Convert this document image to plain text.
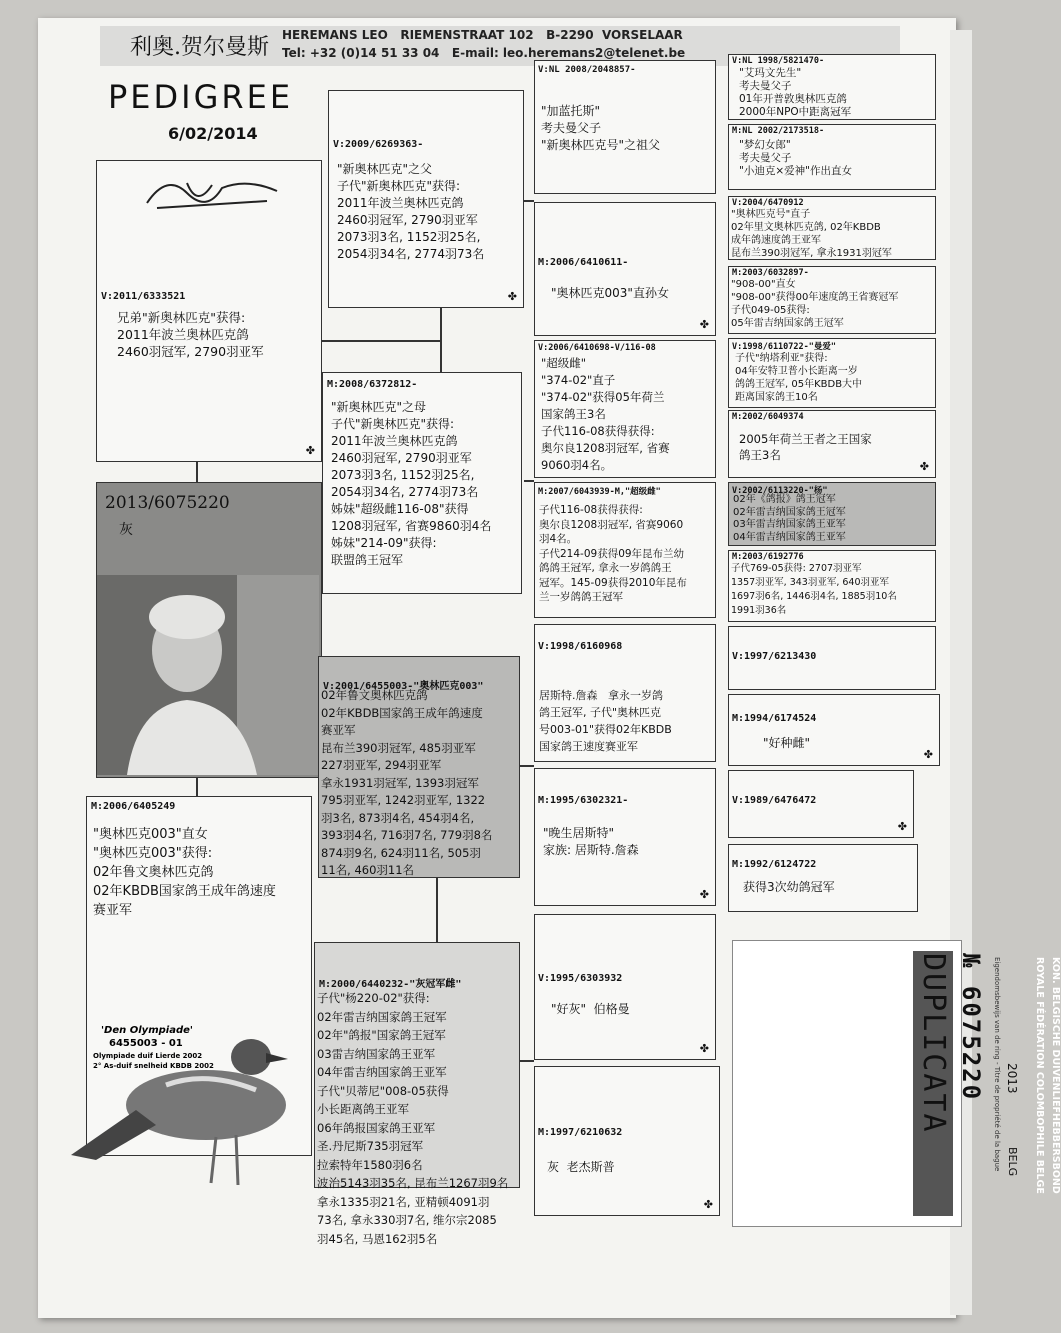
利奥.贺尔曼斯 HEREMANS LEO   RIEMENSTRAAT 102   B-2290  VORSELAAR
Tel: +32 (0)14 51 33 04   E-mail: leo.heremans2@telenet.be
PEDIGREE
6/02/2014
V:2011/6333521
兄弟"新奥林匹克"获得:
2011年波兰奥林匹克鸽
2460羽冠军, 2790羽亚军
✤
2013/6075220
灰
M:2006/6405249
"奥林匹克003"直女
"奥林匹克003"获得:
02年鲁文奥林匹克鸽
02年KBDB国家鸽王成年鸽速度
赛亚军
'Den Olympiade'
6455003 - 01
Olympiade duif Lierde 2002
2° As-duif snelheid KBDB 2002
V:2009/6269363-
"新奥林匹克"之父
子代"新奥林匹克"获得:
2011年波兰奥林匹克鸽
2460羽冠军, 2790羽亚军
2073羽3名, 1152羽25名,
2054羽34名, 2774羽73名
✤
M:2008/6372812-
"新奥林匹克"之母
子代"新奥林匹克"获得:
2011年波兰奥林匹克鸽
2460羽冠军, 2790羽亚军
2073羽3名, 1152羽25名,
2054羽34名, 2774羽73名
姊妹"超级雌116-08"获得
1208羽冠军, 省赛9860羽4名
姊妹"214-09"获得:
联盟鸽王冠军
V:2001/6455003-"奥林匹克003"
02年鲁文奥林匹克鸽
02年KBDB国家鸽王成年鸽速度
赛亚军
昆布兰390羽冠军, 485羽亚军
227羽亚军, 294羽亚军
拿永1931羽冠军, 1393羽冠军
795羽亚军, 1242羽亚军, 1322
羽3名, 873羽4名, 454羽4名,
393羽4名, 716羽7名, 779羽8名
874羽9名, 624羽11名, 505羽
11名, 460羽11名
M:2000/6440232-"灰冠军雌"
子代"杨220-02"获得:
02年雷吉纳国家鸽王冠军
02年"鸽报"国家鸽王冠军
03雷吉纳国家鸽王亚军
04年雷吉纳国家鸽王亚军
子代"贝蒂尼"008-05获得
小长距离鸽王亚军
06年鸽报国家鸽王亚军
圣.丹尼斯735羽冠军
拉索特年1580羽6名
波治5143羽35名, 昆布兰1267羽9名
拿永1335羽21名, 亚精顿4091羽
73名, 拿永330羽7名, 维尔宗2085
羽45名, 马恩162羽5名
V:NL 2008/2048857-
"加蓝托斯"
考夫曼父子
"新奥林匹克号"之祖父
M:2006/6410611-
"奥林匹克003"直孙女
✤
V:2006/6410698-V/116-08
"超级雌"
"374-02"直子
"374-02"获得05年荷兰
国家鸽王3名
子代116-08获得获得:
奥尔良1208羽冠军, 省赛
9060羽4名。
M:2007/6043939-M,"超级雌"
子代116-08获得获得:
奥尔良1208羽冠军, 省赛9060
羽4名。
子代214-09获得09年昆布兰幼
鸽鸽王冠军, 拿永一岁鸽鸽王
冠军。145-09获得2010年昆布
兰一岁鸽鸽王冠军
V:1998/6160968
居斯特.詹森   拿永一岁鸽
鸽王冠军, 子代"奥林匹克
号003-01"获得02年KBDB
国家鸽王速度赛亚军
M:1995/6302321-
"晚生居斯特"
家族: 居斯特.詹森
✤
V:1995/6303932
"好灰"  伯格曼
✤
M:1997/6210632
灰  老杰斯普
✤
V:NL 1998/5821470-
"艾玛文先生"
考夫曼父子
01年开普敦奥林匹克鸽
2000年NPO中距离冠军
M:NL 2002/2173518-
"梦幻女郎"
考夫曼父子
"小迪克×爱神"作出直女
V:2004/6470912
"奥林匹克号"直子
02年里文奥林匹克鸽, 02年KBDB
成年鸽速度鸽王亚军
昆布兰390羽冠军, 拿永1931羽冠军
M:2003/6032897-
"908-00"直女
"908-00"获得00年速度鸽王省赛冠军
子代049-05获得:
05年雷吉纳国家鸽王冠军
V:1998/6110722-"曼爱"
子代"纳塔利亚"获得:
04年安特卫普小长距离一岁
鸽鸽王冠军, 05年KBDB大中
距离国家鸽王10名
M:2002/6049374
2005年荷兰王者之王国家
鸽王3名
✤
V:2002/6113220-"杨"
02年《鸽报》鸽王冠军
02年雷吉纳国家鸽王冠军
03年雷吉纳国家鸽王亚军
04年雷吉纳国家鸽王亚军
M:2003/6192776
子代769-05获得: 2707羽亚军
1357羽亚军, 343羽亚军, 640羽亚军
1697羽6名, 1446羽4名, 1885羽10名
1991羽36名
V:1997/6213430
M:1994/6174524
"好种雌"
✤
V:1989/6476472
✤
M:1992/6124722
获得3次幼鸽冠军
KON. BELGISCHE DUIVENLIEFHEBBERSBOND
ROYALE FÉDÉRATION COLOMBOPHILE BELGE
2013
BELG
Eigendomsbewijs van de ring - Titre de propriété de la bague
№ 6075220
DUPLICATA
